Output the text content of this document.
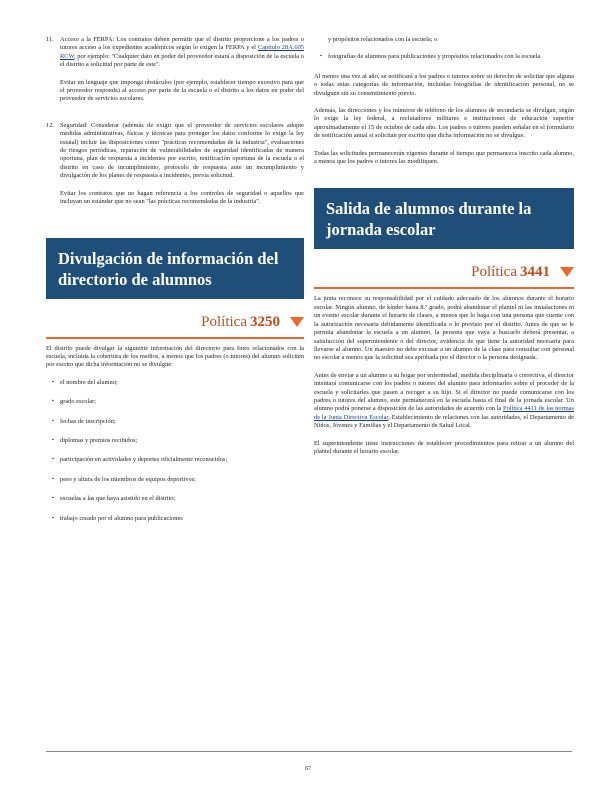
11. Acceso a la FERPA: Los contratos deben permitir que el distrito proporcione a los padres o tutores acceso a los expedientes académicos según lo exigen la FERPA y el Capítulo 28A.605 RCW, por ejemplo: "Cualquier dato en poder del proveedor estará a disposición de la escuela o el distrito a solicitud por parte de este".

Evitar un lenguaje que imponga obstáculos (por ejemplo, establecer tiempo excesivo para que el proveedor responda) al acceso por parte de la escuela o el distrito a los datos en poder del proveedor de servicios escolares.

12. Seguridad: Considerar (además de exigir que el proveedor de servicios escolares adopte medidas administrativas, físicas y técnicas para proteger los datos conforme lo exige la ley estatal) incluir las disposiciones como "prácticas recomendadas de la industria", evaluaciones de riesgos periódicas, reparación de vulnerabilidades de seguridad identificadas de manera oportuna, plan de respuesta a incidentes por escrito, notificación oportuna de la escuela o el distrito en caso de incumplimiento, protocolo de respuesta ante un incumplimiento y divulgación de los planes de respuesta a incidentes, previa solicitud.

Evitar los contratos que no hagan referencia a los controles de seguridad o aquellos que incluyan un estándar que no sean "las prácticas recomendadas de la industria".

Divulgación de información del directorio de alumnos
Política 3250

El distrito puede divulgar la siguiente información del directorio para fines relacionados con la escuela, incluida la cobertura de los medios, a menos que los padres (o tutores) del alumno soliciten por escrito que dicha información no se divulgue:

▪ el nombre del alumno;
▪ grado escolar;
▪ fechas de inscripción;
▪ diplomas y premios recibidos;
▪ participación en actividades y deportes oficialmente reconocidos;
▪ peso y altura de los miembros de equipos deportivos;
▪ escuelas a las que haya asistido en el distrito;
▪ trabajo creado por el alumno para publicaciones

y propósitos relacionados con la escuela; o

▪ fotografías de alumnos para publicaciones y propósitos relacionados con la escuela.

Al menos una vez al año, se notificará a los padres o tutores sobre su derecho de solicitar que alguna o todas estas categorías de información, incluidas fotografías de identificación personal, no se divulguen sin su consentimiento previo.

Además, las direcciones y los números de teléfono de los alumnos de secundaria se divulgan, según lo exige la ley federal, a reclutadores militares e instituciones de educación superior aproximadamente el 15 de octubre de cada año. Los padres o tutores pueden señalar en el formulario de notificación anual si solicitan por escrito que dicha información no se divulgue.

Todas las solicitudes permanecerán vigentes durante el tiempo que permanezca inscrito cada alumno, a menos que los padres o tutores las modifiquen.

Salida de alumnos durante la jornada escolar
Política 3441

La junta reconoce su responsabilidad por el cuidado adecuado de los alumnos durante el horario escolar. Ningún alumno, de kínder hasta 8.º grado, podrá abandonar el plantel ni las instalaciones ni un evento escolar durante el horario de clases, a menos que lo haga con una persona que cuente con la autorización necesaria debidamente identificada o lo previsto por el distrito. Antes de que se le permita abandonar la escuela a un alumno, la persona que vaya a buscarlo deberá presentar, a satisfacción del superintendente o del director, evidencia de que tiene la autoridad necesaria para llevarse al alumno. Un maestro no debe excusar a un alumno de la clase para consultar con personal no escolar a menos que la solicitud sea aprobada por el director o la persona designada.

Antes de enviar a un alumno a su hogar por enfermedad, medida disciplinaria o correctiva, el director intentará comunicarse con los padres o tutores del alumno para informarles sobre el proceder de la escuela y solicitarles que pasen a recoger a su hijo. Si el director no puede comunicarse con los padres o tutores del alumno, este permanecerá en la escuela hasta el final de la jornada escolar. Un alumno podrá ponerse a disposición de las autoridades de acuerdo con la Política 4411 de las normas de la Junta Directiva Escolar, Establecimiento de relaciones con las autoridades, el Departamento de Niños, Jóvenes y Familias y el Departamento de Salud Local.

El superintendente tiene instrucciones de establecer procedimientos para retirar a un alumno del plantel durante el horario escolar.

67
